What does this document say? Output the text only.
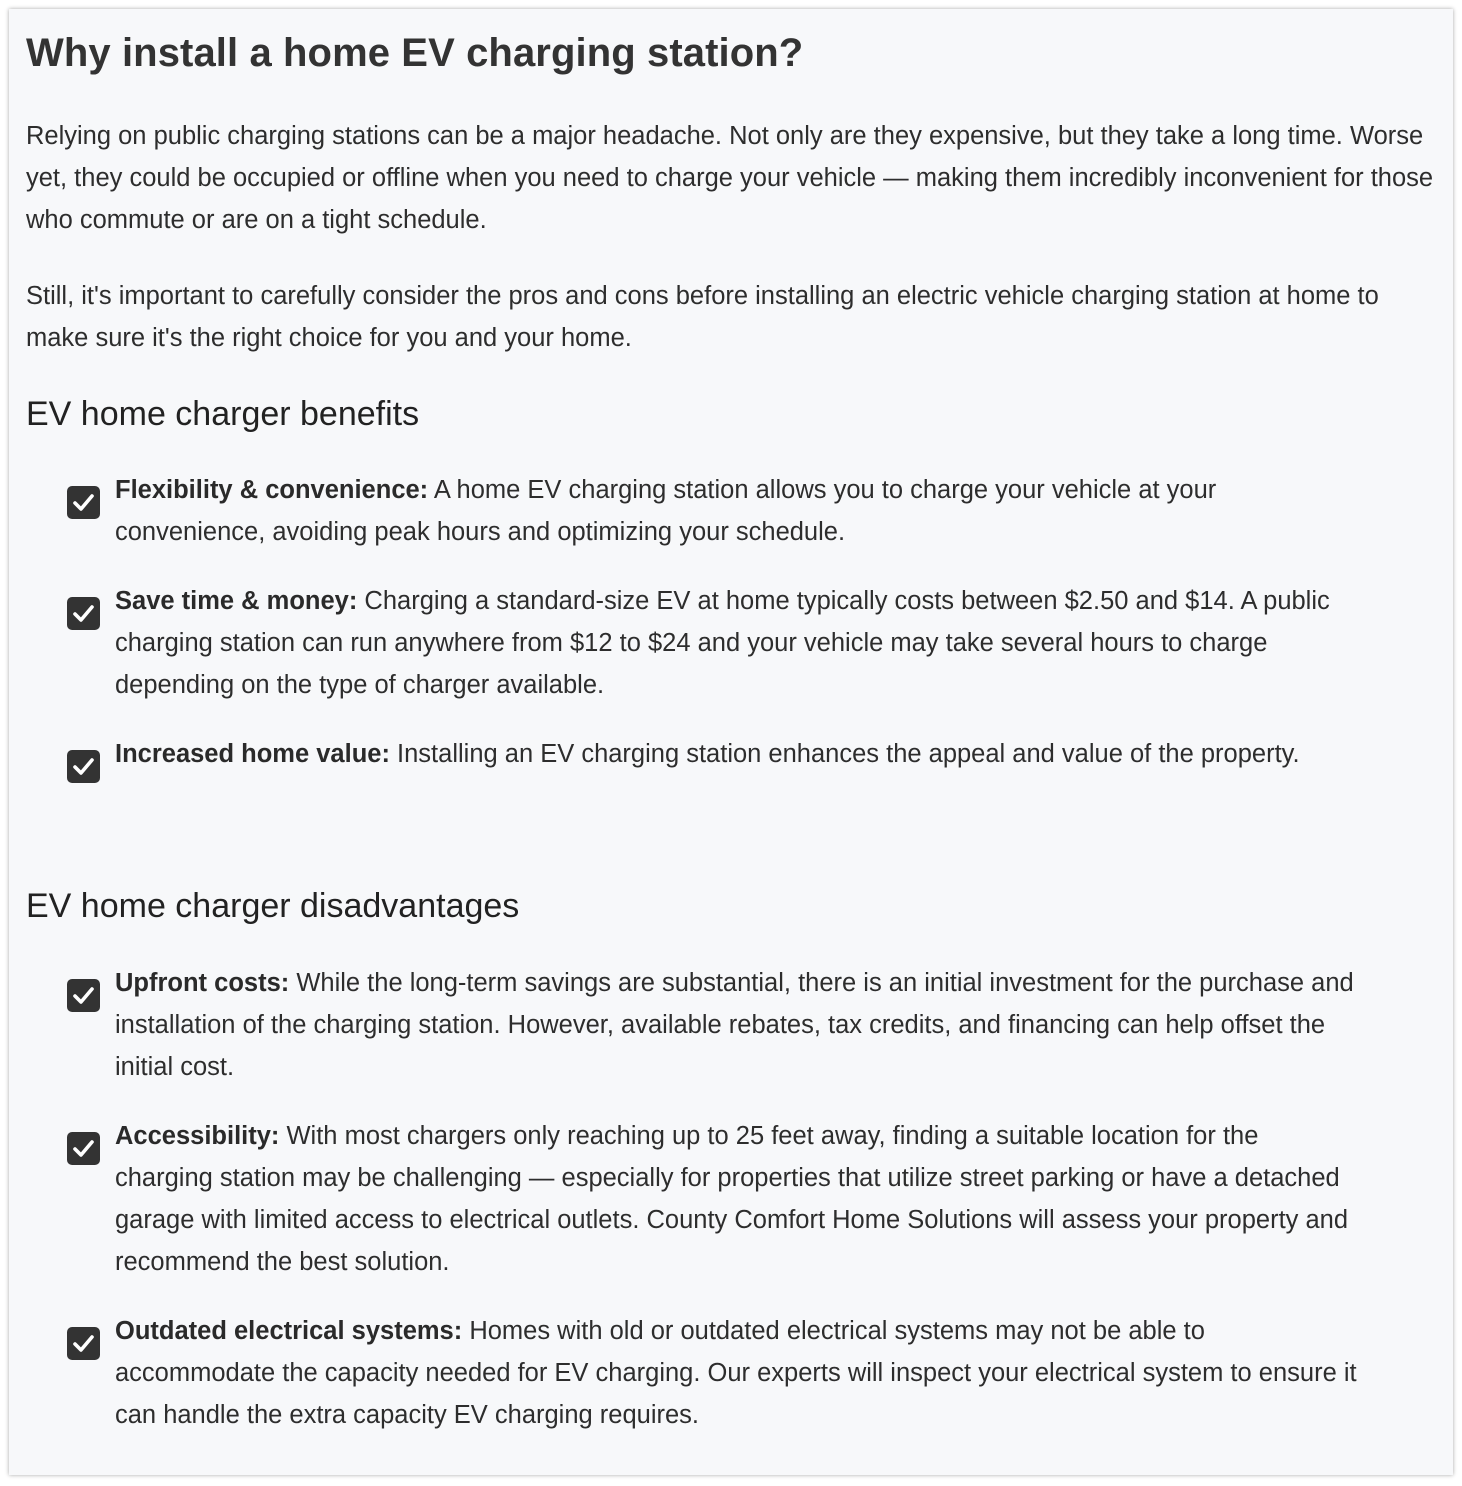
Why install a home EV charging station?

Relying on public charging stations can be a major headache. Not only are they expensive, but they take a long time. Worse yet, they could be occupied or offline when you need to charge your vehicle — making them incredibly inconvenient for those who commute or are on a tight schedule.

Still, it's important to carefully consider the pros and cons before installing an electric vehicle charging station at home to make sure it's the right choice for you and your home.

EV home charger benefits
Flexibility & convenience: A home EV charging station allows you to charge your vehicle at your convenience, avoiding peak hours and optimizing your schedule.
Save time & money: Charging a standard-size EV at home typically costs between $2.50 and $14. A public charging station can run anywhere from $12 to $24 and your vehicle may take several hours to charge depending on the type of charger available.
Increased home value: Installing an EV charging station enhances the appeal and value of the property.
EV home charger disadvantages
Upfront costs: While the long-term savings are substantial, there is an initial investment for the purchase and installation of the charging station. However, available rebates, tax credits, and financing can help offset the initial cost.
Accessibility: With most chargers only reaching up to 25 feet away, finding a suitable location for the charging station may be challenging — especially for properties that utilize street parking or have a detached garage with limited access to electrical outlets. County Comfort Home Solutions will assess your property and recommend the best solution.
Outdated electrical systems: Homes with old or outdated electrical systems may not be able to accommodate the capacity needed for EV charging. Our experts will inspect your electrical system to ensure it can handle the extra capacity EV charging requires.
